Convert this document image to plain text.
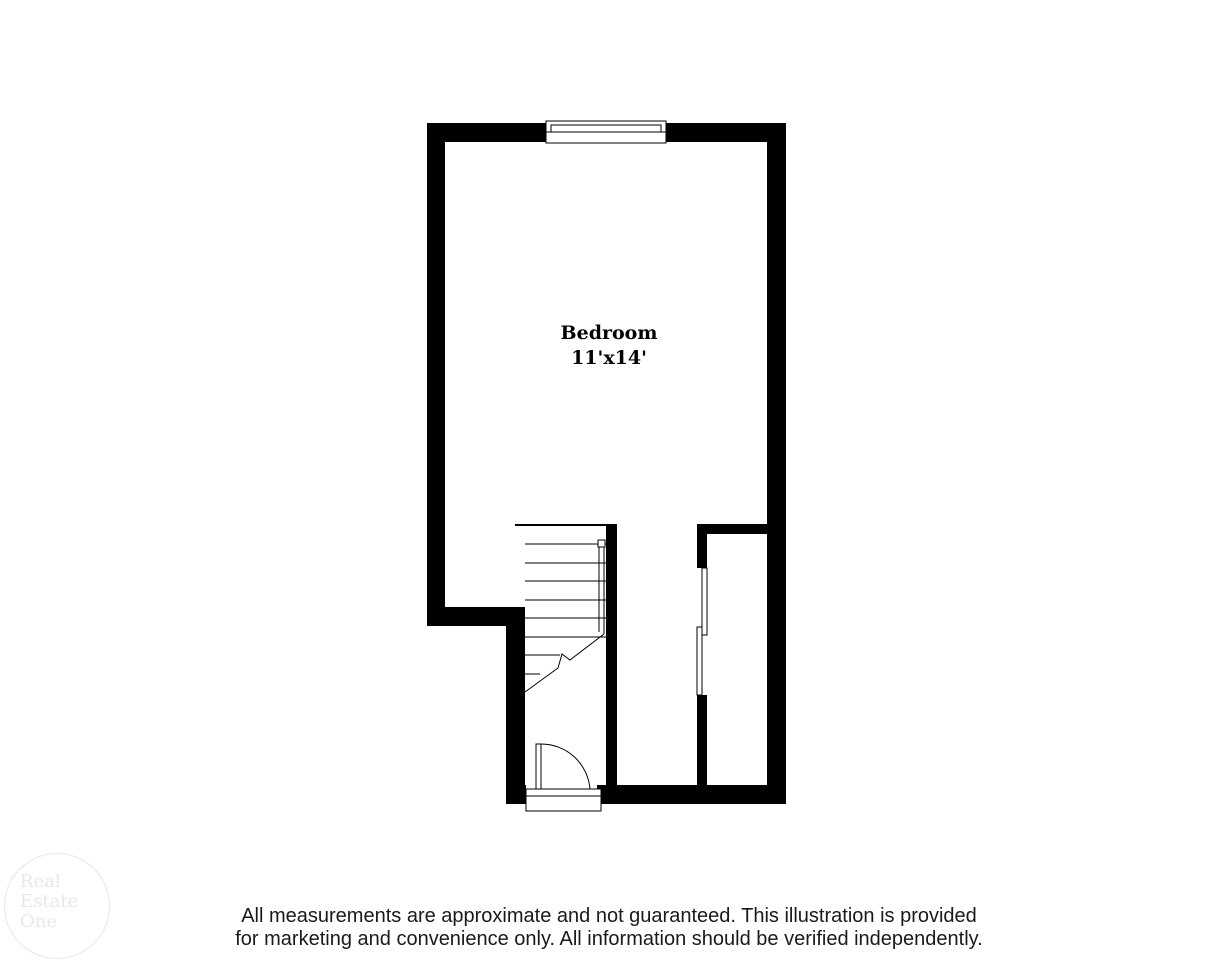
Real Estate One
Bedroom
11'x14'
All measurements are approximate and not guaranteed. This illustration is provided
for marketing and convenience only. All information should be verified independently.
